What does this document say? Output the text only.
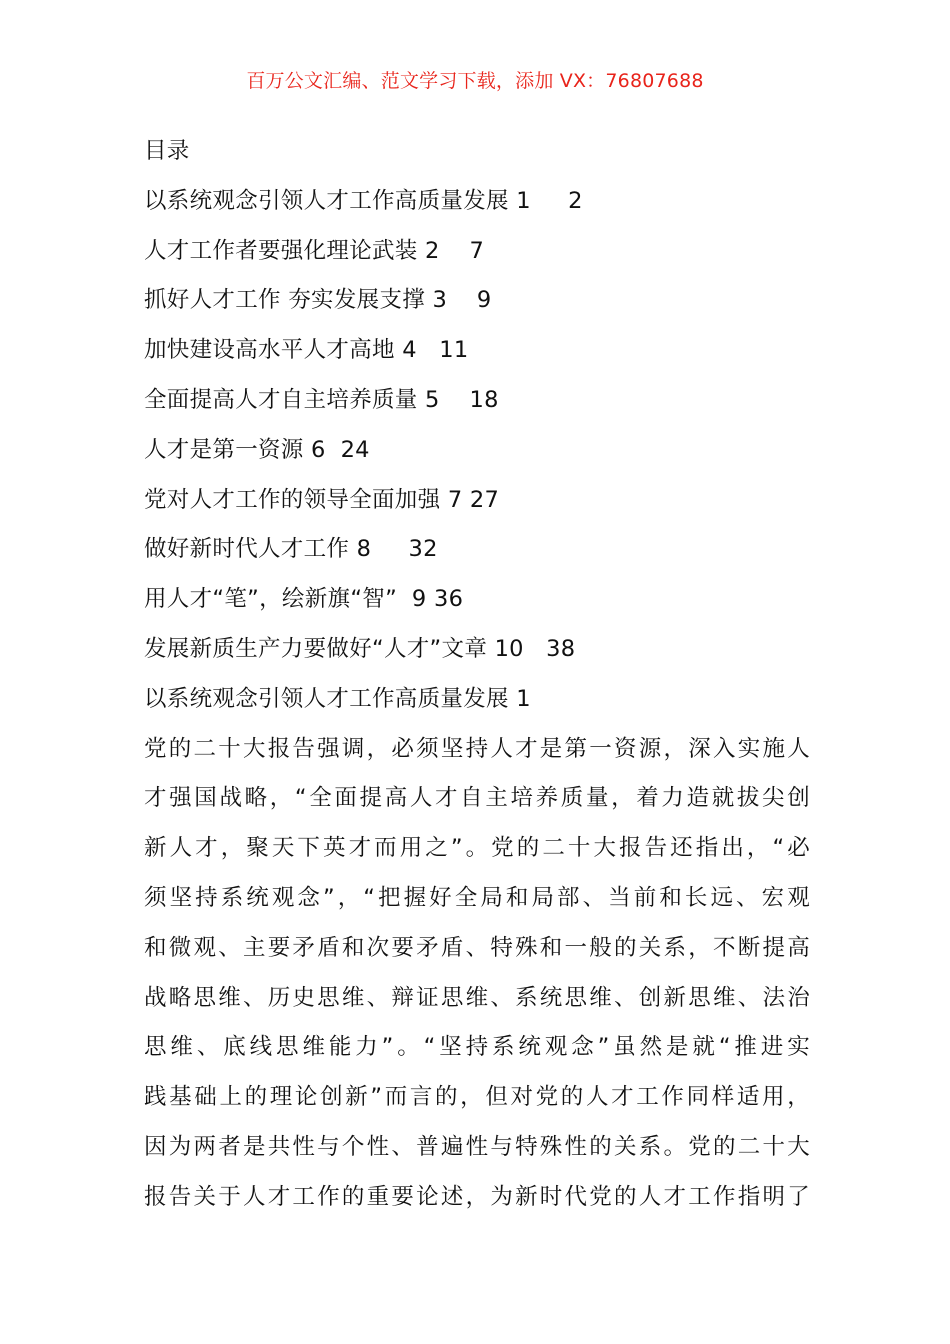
百万公文汇编、范文学习下载，添加 VX：76807688
目录
以系统观念引领人才工作高质量发展 1     2
人才工作者要强化理论武装 2    7
抓好人才工作 夯实发展支撑 3    9
加快建设高水平人才高地 4   11
全面提高人才自主培养质量 5    18
人才是第一资源 6  24
党对人才工作的领导全面加强 7 27
做好新时代人才工作 8     32
用人才“笔”，绘新旗“智”  9 36
发展新质生产力要做好“人才”文章 10   38
以系统观念引领人才工作高质量发展 1
党的二十大报告强调，必须坚持人才是第一资源，深入实施人
才强国战略，“全面提高人才自主培养质量，着力造就拔尖创
新人才，聚天下英才而用之”。党的二十大报告还指出，“必
须坚持系统观念”，“把握好全局和局部、当前和长远、宏观
和微观、主要矛盾和次要矛盾、特殊和一般的关系，不断提高
战略思维、历史思维、辩证思维、系统思维、创新思维、法治
思维、底线思维能力”。“坚持系统观念”虽然是就“推进实
践基础上的理论创新”而言的，但对党的人才工作同样适用，
因为两者是共性与个性、普遍性与特殊性的关系。党的二十大
报告关于人才工作的重要论述，为新时代党的人才工作指明了
